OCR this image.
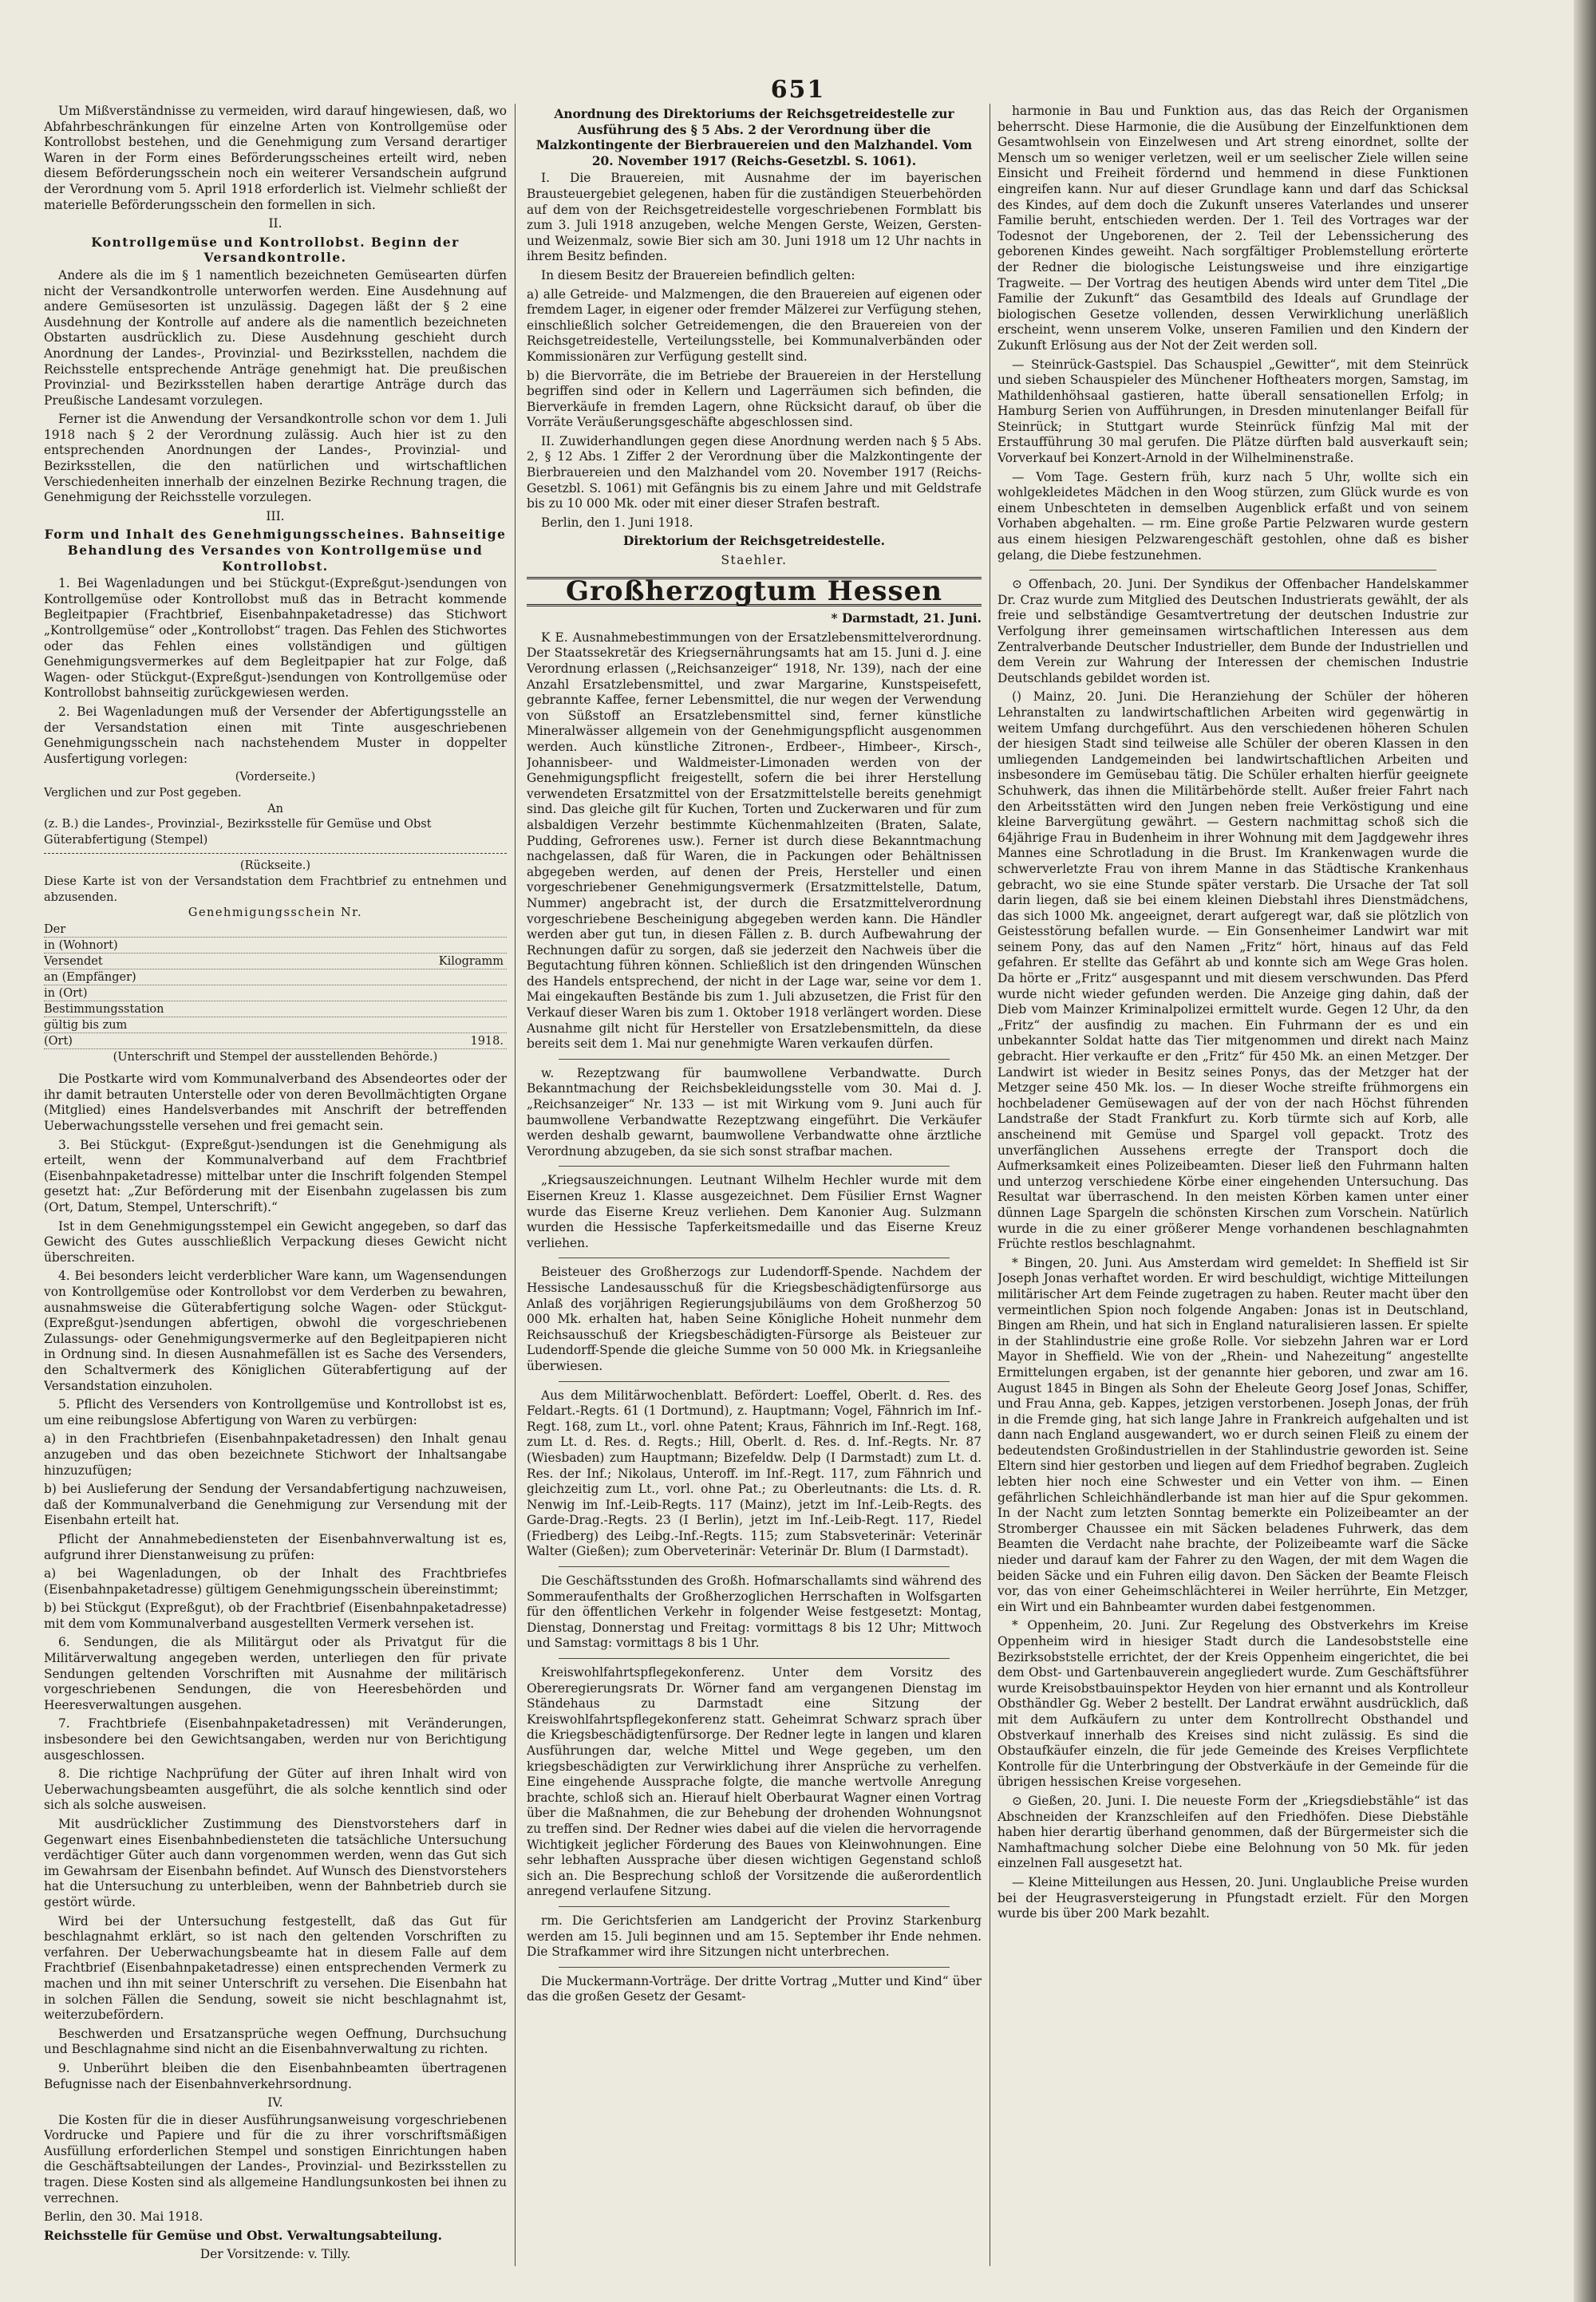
651

Um Mißverständnisse zu vermeiden, wird darauf hingewiesen, daß, wo Abfahrbeschränkungen für einzelne Arten von Kontrollgemüse oder Kontrollobst bestehen, und die Genehmigung zum Versand derartiger Waren in der Form eines Beförderungsscheines erteilt wird, neben diesem Beförderungsschein noch ein weiterer Versandschein aufgrund der Verordnung vom 5. April 1918 erforderlich ist. Vielmehr schließt der materielle Beförderungsschein den formellen in sich.

II.
Kontrollgemüse und Kontrollobst. Beginn der Versandkontrolle.

Andere als die im § 1 namentlich bezeichneten Gemüsearten dürfen nicht der Versandkontrolle unterworfen werden. Eine Ausdehnung auf andere Gemüsesorten ist unzulässig. Dagegen läßt der § 2 eine Ausdehnung der Kontrolle auf andere als die namentlich bezeichneten Obstarten ausdrücklich zu. Diese Ausdehnung geschieht durch Anordnung der Landes-, Provinzial- und Bezirksstellen, nachdem die Reichsstelle entsprechende Anträge genehmigt hat. Die preußischen Provinzial- und Bezirksstellen haben derartige Anträge durch das Preußische Landesamt vorzulegen.

Ferner ist die Anwendung der Versandkontrolle schon vor dem 1. Juli 1918 nach § 2 der Verordnung zulässig. Auch hier ist zu den entsprechenden Anordnungen der Landes-, Provinzial- und Bezirksstellen, die den natürlichen und wirtschaftlichen Verschiedenheiten innerhalb der einzelnen Bezirke Rechnung tragen, die Genehmigung der Reichsstelle vorzulegen.

III.
Form und Inhalt des Genehmigungsscheines. Bahnseitige Behandlung des Versandes von Kontrollgemüse und Kontrollobst.

1. Bei Wagenladungen und bei Stückgut-(Expreßgut-)sendungen von Kontrollgemüse oder Kontrollobst muß das in Betracht kommende Begleitpapier (Frachtbrief, Eisenbahnpaketadresse) das Stichwort „Kontrollgemüse“ oder „Kontrollobst“ tragen. Das Fehlen des Stichwortes oder das Fehlen eines vollständigen und gültigen Genehmigungsvermerkes auf dem Begleitpapier hat zur Folge, daß Wagen- oder Stückgut-(Expreßgut-)sendungen von Kontrollgemüse oder Kontrollobst bahnseitig zurückgewiesen werden.

2. Bei Wagenladungen muß der Versender der Abfertigungsstelle an der Versandstation einen mit Tinte ausgeschriebenen Genehmigungsschein nach nachstehendem Muster in doppelter Ausfertigung vorlegen:

(Vorderseite.)
Verglichen und zur Post gegeben.
An
(z. B.) die Landes-, Provinzial-, Bezirksstelle für Gemüse und Obst
Güterabfertigung (Stempel)
(Rückseite.)
Diese Karte ist von der Versandstation dem Frachtbrief zu entnehmen und abzusenden.
Genehmigungsschein Nr.
Der
in (Wohnort)
Versendet	Kilogramm
an (Empfänger)
in (Ort)
Bestimmungsstation
gültig bis zum
(Ort)	1918.
(Unterschrift und Stempel der ausstellenden Behörde.)

Die Postkarte wird vom Kommunalverband des Absendeortes oder der ihr damit betrauten Unterstelle oder von deren Bevollmächtigten Organe (Mitglied) eines Handelsverbandes mit Anschrift der betreffenden Ueberwachungsstelle versehen und frei gemacht sein.

3. Bei Stückgut- (Expreßgut-)sendungen ist die Genehmigung als erteilt, wenn der Kommunalverband auf dem Frachtbrief (Eisenbahnpaketadresse) mittelbar unter die Inschrift folgenden Stempel gesetzt hat: „Zur Beförderung mit der Eisenbahn zugelassen bis zum (Ort, Datum, Stempel, Unterschrift).“

Ist in dem Genehmigungsstempel ein Gewicht angegeben, so darf das Gewicht des Gutes ausschließlich Verpackung dieses Gewicht nicht überschreiten.

4. Bei besonders leicht verderblicher Ware kann, um Wagensendungen von Kontrollgemüse oder Kontrollobst vor dem Verderben zu bewahren, ausnahmsweise die Güterabfertigung solche Wagen- oder Stückgut- (Expreßgut-)sendungen abfertigen, obwohl die vorgeschriebenen Zulassungs- oder Genehmigungsvermerke auf den Begleitpapieren nicht in Ordnung sind. In diesen Ausnahmefällen ist es Sache des Versenders, den Schaltvermerk des Königlichen Güterabfertigung auf der Versandstation einzuholen.

5. Pflicht des Versenders von Kontrollgemüse und Kontrollobst ist es, um eine reibungslose Abfertigung von Waren zu verbürgen:

a) in den Frachtbriefen (Eisenbahnpaketadressen) den Inhalt genau anzugeben und das oben bezeichnete Stichwort der Inhaltsangabe hinzuzufügen;

b) bei Auslieferung der Sendung der Versandabfertigung nachzuweisen, daß der Kommunalverband die Genehmigung zur Versendung mit der Eisenbahn erteilt hat.

Pflicht der Annahmebediensteten der Eisenbahnverwaltung ist es, aufgrund ihrer Dienstanweisung zu prüfen:

a) bei Wagenladungen, ob der Inhalt des Frachtbriefes (Eisenbahnpaketadresse) gültigem Genehmigungsschein übereinstimmt;

b) bei Stückgut (Expreßgut), ob der Frachtbrief (Eisenbahnpaketadresse) mit dem vom Kommunalverband ausgestellten Vermerk versehen ist.

6. Sendungen, die als Militärgut oder als Privatgut für die Militärverwaltung angegeben werden, unterliegen den für private Sendungen geltenden Vorschriften mit Ausnahme der militärisch vorgeschriebenen Sendungen, die von Heeresbehörden und Heeresverwaltungen ausgehen.

7. Frachtbriefe (Eisenbahnpaketadressen) mit Veränderungen, insbesondere bei den Gewichtsangaben, werden nur von Berichtigung ausgeschlossen.

8. Die richtige Nachprüfung der Güter auf ihren Inhalt wird von Ueberwachungsbeamten ausgeführt, die als solche kenntlich sind oder sich als solche ausweisen.

Mit ausdrücklicher Zustimmung des Dienstvorstehers darf in Gegenwart eines Eisenbahnbediensteten die tatsächliche Untersuchung verdächtiger Güter auch dann vorgenommen werden, wenn das Gut sich im Gewahrsam der Eisenbahn befindet. Auf Wunsch des Dienstvorstehers hat die Untersuchung zu unterbleiben, wenn der Bahnbetrieb durch sie gestört würde.

Wird bei der Untersuchung festgestellt, daß das Gut für beschlagnahmt erklärt, so ist nach den geltenden Vorschriften zu verfahren. Der Ueberwachungsbeamte hat in diesem Falle auf dem Frachtbrief (Eisenbahnpaketadresse) einen entsprechenden Vermerk zu machen und ihn mit seiner Unterschrift zu versehen. Die Eisenbahn hat in solchen Fällen die Sendung, soweit sie nicht beschlagnahmt ist, weiterzubefördern.

Beschwerden und Ersatzansprüche wegen Oeffnung, Durchsuchung und Beschlagnahme sind nicht an die Eisenbahnverwaltung zu richten.

9. Unberührt bleiben die den Eisenbahnbeamten übertragenen Befugnisse nach der Eisenbahnverkehrsordnung.

IV.

Die Kosten für die in dieser Ausführungsanweisung vorgeschriebenen Vordrucke und Papiere und für die zu ihrer vorschriftsmäßigen Ausfüllung erforderlichen Stempel und sonstigen Einrichtungen haben die Geschäftsabteilungen der Landes-, Provinzial- und Bezirksstellen zu tragen. Diese Kosten sind als allgemeine Handlungsunkosten bei ihnen zu verrechnen.

Berlin, den 30. Mai 1918.

Reichsstelle für Gemüse und Obst. Verwaltungsabteilung.

Der Vorsitzende: v. Tilly.

Anordnung des Direktoriums der Reichsgetreidestelle zur Ausführung des § 5 Abs. 2 der Verordnung über die Malzkontingente der Bierbrauereien und den Malzhandel. Vom 20. November 1917 (Reichs-Gesetzbl. S. 1061).

I. Die Brauereien, mit Ausnahme der im bayerischen Brausteuergebiet gelegenen, haben für die zuständigen Steuerbehörden auf dem von der Reichsgetreidestelle vorgeschriebenen Formblatt bis zum 3. Juli 1918 anzugeben, welche Mengen Gerste, Weizen, Gersten- und Weizenmalz, sowie Bier sich am 30. Juni 1918 um 12 Uhr nachts in ihrem Besitz befinden.

In diesem Besitz der Brauereien befindlich gelten:

a) alle Getreide- und Malzmengen, die den Brauereien auf eigenen oder fremdem Lager, in eigener oder fremder Mälzerei zur Verfügung stehen, einschließlich solcher Getreidemengen, die den Brauereien von der Reichsgetreidestelle, Verteilungsstelle, bei Kommunalverbänden oder Kommissionären zur Verfügung gestellt sind.

b) die Biervorräte, die im Betriebe der Brauereien in der Herstellung begriffen sind oder in Kellern und Lagerräumen sich befinden, die Bierverkäufe in fremden Lagern, ohne Rücksicht darauf, ob über die Vorräte Veräußerungsgeschäfte abgeschlossen sind.

II. Zuwiderhandlungen gegen diese Anordnung werden nach § 5 Abs. 2, § 12 Abs. 1 Ziffer 2 der Verordnung über die Malzkontingente der Bierbrauereien und den Malzhandel vom 20. November 1917 (Reichs-Gesetzbl. S. 1061) mit Gefängnis bis zu einem Jahre und mit Geldstrafe bis zu 10 000 Mk. oder mit einer dieser Strafen bestraft.

Berlin, den 1. Juni 1918.

Direktorium der Reichsgetreidestelle.

Staehler.

Großherzogtum Hessen

* Darmstadt, 21. Juni.

K E. Ausnahmebestimmungen von der Ersatzlebensmittelverordnung. Der Staatssekretär des Kriegsernährungsamts hat am 15. Juni d. J. eine Verordnung erlassen („Reichsanzeiger“ 1918, Nr. 139), nach der eine Anzahl Ersatzlebensmittel, und zwar Margarine, Kunstspeisefett, gebrannte Kaffee, ferner Lebensmittel, die nur wegen der Verwendung von Süßstoff an Ersatzlebensmittel sind, ferner künstliche Mineralwässer allgemein von der Genehmigungspflicht ausgenommen werden. Auch künstliche Zitronen-, Erdbeer-, Himbeer-, Kirsch-, Johannisbeer- und Waldmeister-Limonaden werden von der Genehmigungspflicht freigestellt, sofern die bei ihrer Herstellung verwendeten Ersatzmittel von der Ersatzmittelstelle bereits genehmigt sind. Das gleiche gilt für Kuchen, Torten und Zuckerwaren und für zum alsbaldigen Verzehr bestimmte Küchenmahlzeiten (Braten, Salate, Pudding, Gefrorenes usw.). Ferner ist durch diese Bekanntmachung nachgelassen, daß für Waren, die in Packungen oder Behältnissen abgegeben werden, auf denen der Preis, Hersteller und einen vorgeschriebener Genehmigungsvermerk (Ersatzmittelstelle, Datum, Nummer) angebracht ist, der durch die Ersatzmittelverordnung vorgeschriebene Bescheinigung abgegeben werden kann. Die Händler werden aber gut tun, in diesen Fällen z. B. durch Aufbewahrung der Rechnungen dafür zu sorgen, daß sie jederzeit den Nachweis über die Begutachtung führen können. Schließlich ist den dringenden Wünschen des Handels entsprechend, der nicht in der Lage war, seine vor dem 1. Mai eingekauften Bestände bis zum 1. Juli abzusetzen, die Frist für den Verkauf dieser Waren bis zum 1. Oktober 1918 verlängert worden. Diese Ausnahme gilt nicht für Hersteller von Ersatzlebensmitteln, da diese bereits seit dem 1. Mai nur genehmigte Waren verkaufen dürfen.

w. Rezeptzwang für baumwollene Verbandwatte. Durch Bekanntmachung der Reichsbekleidungsstelle vom 30. Mai d. J. „Reichsanzeiger“ Nr. 133 — ist mit Wirkung vom 9. Juni auch für baumwollene Verbandwatte Rezeptzwang eingeführt. Die Verkäufer werden deshalb gewarnt, baumwollene Verbandwatte ohne ärztliche Verordnung abzugeben, da sie sich sonst strafbar machen.

„Kriegsauszeichnungen. Leutnant Wilhelm Hechler wurde mit dem Eisernen Kreuz 1. Klasse ausgezeichnet. Dem Füsilier Ernst Wagner wurde das Eiserne Kreuz verliehen. Dem Kanonier Aug. Sulzmann wurden die Hessische Tapferkeitsmedaille und das Eiserne Kreuz verliehen.

Beisteuer des Großherzogs zur Ludendorff-Spende. Nachdem der Hessische Landesausschuß für die Kriegsbeschädigtenfürsorge aus Anlaß des vorjährigen Regierungsjubiläums von dem Großherzog 50 000 Mk. erhalten hat, haben Seine Königliche Hoheit nunmehr dem Reichsausschuß der Kriegsbeschädigten-Fürsorge als Beisteuer zur Ludendorff-Spende die gleiche Summe von 50 000 Mk. in Kriegsanleihe überwiesen.

Aus dem Militärwochenblatt. Befördert: Loeffel, Oberlt. d. Res. des Feldart.-Regts. 61 (1 Dortmund), z. Hauptmann; Vogel, Fähnrich im Inf.-Regt. 168, zum Lt., vorl. ohne Patent; Kraus, Fähnrich im Inf.-Regt. 168, zum Lt. d. Res. d. Regts.; Hill, Oberlt. d. Res. d. Inf.-Regts. Nr. 87 (Wiesbaden) zum Hauptmann; Bizefeldw. Delp (I Darmstadt) zum Lt. d. Res. der Inf.; Nikolaus, Unteroff. im Inf.-Regt. 117, zum Fähnrich und gleichzeitig zum Lt., vorl. ohne Pat.; zu Oberleutnants: die Lts. d. R. Nenwig im Inf.-Leib-Regts. 117 (Mainz), jetzt im Inf.-Leib-Regts. des Garde-Drag.-Regts. 23 (I Berlin), jetzt im Inf.-Leib-Regt. 117, Riedel (Friedberg) des Leibg.-Inf.-Regts. 115; zum Stabsveterinär: Veterinär Walter (Gießen); zum Oberveterinär: Veterinär Dr. Blum (I Darmstadt).

Die Geschäftsstunden des Großh. Hofmarschallamts sind während des Sommeraufenthalts der Großherzoglichen Herrschaften in Wolfsgarten für den öffentlichen Verkehr in folgender Weise festgesetzt: Montag, Dienstag, Donnerstag und Freitag: vormittags 8 bis 12 Uhr; Mittwoch und Samstag: vormittags 8 bis 1 Uhr.

Kreiswohlfahrtspflegekonferenz. Unter dem Vorsitz des Obereregierungsrats Dr. Wörner fand am vergangenen Dienstag im Ständehaus zu Darmstadt eine Sitzung der Kreiswohlfahrtspflegekonferenz statt. Geheimrat Schwarz sprach über die Kriegsbeschädigtenfürsorge. Der Redner legte in langen und klaren Ausführungen dar, welche Mittel und Wege gegeben, um den kriegsbeschädigten zur Verwirklichung ihrer Ansprüche zu verhelfen. Eine eingehende Aussprache folgte, die manche wertvolle Anregung brachte, schloß sich an. Hierauf hielt Oberbaurat Wagner einen Vortrag über die Maßnahmen, die zur Behebung der drohenden Wohnungsnot zu treffen sind. Der Redner wies dabei auf die vielen die hervorragende Wichtigkeit jeglicher Förderung des Baues von Kleinwohnungen. Eine sehr lebhaften Aussprache über diesen wichtigen Gegenstand schloß sich an. Die Besprechung schloß der Vorsitzende die außerordentlich anregend verlaufene Sitzung.

rm. Die Gerichtsferien am Landgericht der Provinz Starkenburg werden am 15. Juli beginnen und am 15. September ihr Ende nehmen. Die Strafkammer wird ihre Sitzungen nicht unterbrechen.

Die Muckermann-Vorträge. Der dritte Vortrag „Mutter und Kind“ über das die großen Gesetz der Gesamt-

harmonie in Bau und Funktion aus, das das Reich der Organismen beherrscht. Diese Harmonie, die die Ausübung der Einzelfunktionen dem Gesamtwohlsein von Einzelwesen und Art streng einordnet, sollte der Mensch um so weniger verletzen, weil er um seelischer Ziele willen seine Einsicht und Freiheit fördernd und hemmend in diese Funktionen eingreifen kann. Nur auf dieser Grundlage kann und darf das Schicksal des Kindes, auf dem doch die Zukunft unseres Vaterlandes und unserer Familie beruht, entschieden werden. Der 1. Teil des Vortrages war der Todesnot der Ungeborenen, der 2. Teil der Lebenssicherung des geborenen Kindes geweiht. Nach sorgfältiger Problemstellung erörterte der Redner die biologische Leistungsweise und ihre einzigartige Tragweite. — Der Vortrag des heutigen Abends wird unter dem Titel „Die Familie der Zukunft“ das Gesamtbild des Ideals auf Grundlage der biologischen Gesetze vollenden, dessen Verwirklichung unerläßlich erscheint, wenn unserem Volke, unseren Familien und den Kindern der Zukunft Erlösung aus der Not der Zeit werden soll.

— Steinrück-Gastspiel. Das Schauspiel „Gewitter“, mit dem Steinrück und sieben Schauspieler des Münchener Hoftheaters morgen, Samstag, im Mathildenhöhsaal gastieren, hatte überall sensationellen Erfolg; in Hamburg Serien von Aufführungen, in Dresden minutenlanger Beifall für Steinrück; in Stuttgart wurde Steinrück fünfzig Mal mit der Erstaufführung 30 mal gerufen. Die Plätze dürften bald ausverkauft sein; Vorverkauf bei Konzert-Arnold in der Wilhelminenstraße.

— Vom Tage. Gestern früh, kurz nach 5 Uhr, wollte sich ein wohlgekleidetes Mädchen in den Woog stürzen, zum Glück wurde es von einem Unbeschteten in demselben Augenblick erfaßt und von seinem Vorhaben abgehalten. — rm. Eine große Partie Pelzwaren wurde gestern aus einem hiesigen Pelzwarengeschäft gestohlen, ohne daß es bisher gelang, die Diebe festzunehmen.

⊙ Offenbach, 20. Juni. Der Syndikus der Offenbacher Handelskammer Dr. Craz wurde zum Mitglied des Deutschen Industrierats gewählt, der als freie und selbständige Gesamtvertretung der deutschen Industrie zur Verfolgung ihrer gemeinsamen wirtschaftlichen Interessen aus dem Zentralverbande Deutscher Industrieller, dem Bunde der Industriellen und dem Verein zur Wahrung der Interessen der chemischen Industrie Deutschlands gebildet worden ist.

() Mainz, 20. Juni. Die Heranziehung der Schüler der höheren Lehranstalten zu landwirtschaftlichen Arbeiten wird gegenwärtig in weitem Umfang durchgeführt. Aus den verschiedenen höheren Schulen der hiesigen Stadt sind teilweise alle Schüler der oberen Klassen in den umliegenden Landgemeinden bei landwirtschaftlichen Arbeiten und insbesondere im Gemüsebau tätig. Die Schüler erhalten hierfür geeignete Schuhwerk, das ihnen die Militärbehörde stellt. Außer freier Fahrt nach den Arbeitsstätten wird den Jungen neben freie Verköstigung und eine kleine Barvergütung gewährt. — Gestern nachmittag schoß sich die 64jährige Frau in Budenheim in ihrer Wohnung mit dem Jagdgewehr ihres Mannes eine Schrotladung in die Brust. Im Krankenwagen wurde die schwerverletzte Frau von ihrem Manne in das Städtische Krankenhaus gebracht, wo sie eine Stunde später verstarb. Die Ursache der Tat soll darin liegen, daß sie bei einem kleinen Diebstahl ihres Dienstmädchens, das sich 1000 Mk. angeeignet, derart aufgeregt war, daß sie plötzlich von Geistesstörung befallen wurde. — Ein Gonsenheimer Landwirt war mit seinem Pony, das auf den Namen „Fritz“ hört, hinaus auf das Feld gefahren. Er stellte das Gefährt ab und konnte sich am Wege Gras holen. Da hörte er „Fritz“ ausgespannt und mit diesem verschwunden. Das Pferd wurde nicht wieder gefunden werden. Die Anzeige ging dahin, daß der Dieb vom Mainzer Kriminalpolizei ermittelt wurde. Gegen 12 Uhr, da den „Fritz“ der ausfindig zu machen. Ein Fuhrmann der es und ein unbekannter Soldat hatte das Tier mitgenommen und direkt nach Mainz gebracht. Hier verkaufte er den „Fritz“ für 450 Mk. an einen Metzger. Der Landwirt ist wieder in Besitz seines Ponys, das der Metzger hat der Metzger seine 450 Mk. los. — In dieser Woche streifte frühmorgens ein hochbeladener Gemüsewagen auf der von der nach Höchst führenden Landstraße der Stadt Frankfurt zu. Korb türmte sich auf Korb, alle anscheinend mit Gemüse und Spargel voll gepackt. Trotz des unverfänglichen Aussehens erregte der Transport doch die Aufmerksamkeit eines Polizeibeamten. Dieser ließ den Fuhrmann halten und unterzog verschiedene Körbe einer eingehenden Untersuchung. Das Resultat war überraschend. In den meisten Körben kamen unter einer dünnen Lage Spargeln die schönsten Kirschen zum Vorschein. Natürlich wurde in die zu einer größerer Menge vorhandenen beschlagnahmten Früchte restlos beschlagnahmt.

* Bingen, 20. Juni. Aus Amsterdam wird gemeldet: In Sheffield ist Sir Joseph Jonas verhaftet worden. Er wird beschuldigt, wichtige Mitteilungen militärischer Art dem Feinde zugetragen zu haben. Reuter macht über den vermeintlichen Spion noch folgende Angaben: Jonas ist in Deutschland, Bingen am Rhein, und hat sich in England naturalisieren lassen. Er spielte in der Stahlindustrie eine große Rolle. Vor siebzehn Jahren war er Lord Mayor in Sheffield. Wie von der „Rhein- und Nahezeitung“ angestellte Ermittelungen ergaben, ist der genannte hier geboren, und zwar am 16. August 1845 in Bingen als Sohn der Eheleute Georg Josef Jonas, Schiffer, und Frau Anna, geb. Kappes, jetzigen verstorbenen. Joseph Jonas, der früh in die Fremde ging, hat sich lange Jahre in Frankreich aufgehalten und ist dann nach England ausgewandert, wo er durch seinen Fleiß zu einem der bedeutendsten Großindustriellen in der Stahlindustrie geworden ist. Seine Eltern sind hier gestorben und liegen auf dem Friedhof begraben. Zugleich lebten hier noch eine Schwester und ein Vetter von ihm. — Einen gefährlichen Schleichhändlerbande ist man hier auf die Spur gekommen. In der Nacht zum letzten Sonntag bemerkte ein Polizeibeamter an der Stromberger Chaussee ein mit Säcken beladenes Fuhrwerk, das dem Beamten die Verdacht nahe brachte, der Polizeibeamte warf die Säcke nieder und darauf kam der Fahrer zu den Wagen, der mit dem Wagen die beiden Säcke und ein Fuhren eilig davon. Den Säcken der Beamte Fleisch vor, das von einer Geheimschlächterei in Weiler herrührte, Ein Metzger, ein Wirt und ein Bahnbeamter wurden dabei festgenommen.

* Oppenheim, 20. Juni. Zur Regelung des Obstverkehrs im Kreise Oppenheim wird in hiesiger Stadt durch die Landesobststelle eine Bezirksobststelle errichtet, der der Kreis Oppenheim eingerichtet, die bei dem Obst- und Gartenbauverein angegliedert wurde. Zum Geschäftsführer wurde Kreisobstbauinspektor Heyden von hier ernannt und als Kontrolleur Obsthändler Gg. Weber 2 bestellt. Der Landrat erwähnt ausdrücklich, daß mit dem Aufkäufern zu unter dem Kontrollrecht Obsthandel und Obstverkauf innerhalb des Kreises sind nicht zulässig. Es sind die Obstaufkäufer einzeln, die für jede Gemeinde des Kreises Verpflichtete Kontrolle für die Unterbringung der Obstverkäufe in der Gemeinde für die übrigen hessischen Kreise vorgesehen.

⊙ Gießen, 20. Juni. I. Die neueste Form der „Kriegsdiebstähle“ ist das Abschneiden der Kranzschleifen auf den Friedhöfen. Diese Diebstähle haben hier derartig überhand genommen, daß der Bürgermeister sich die Namhaftmachung solcher Diebe eine Belohnung von 50 Mk. für jeden einzelnen Fall ausgesetzt hat.

— Kleine Mitteilungen aus Hessen, 20. Juni. Unglaubliche Preise wurden bei der Heugrasversteigerung in Pfungstadt erzielt. Für den Morgen wurde bis über 200 Mark bezahlt.
